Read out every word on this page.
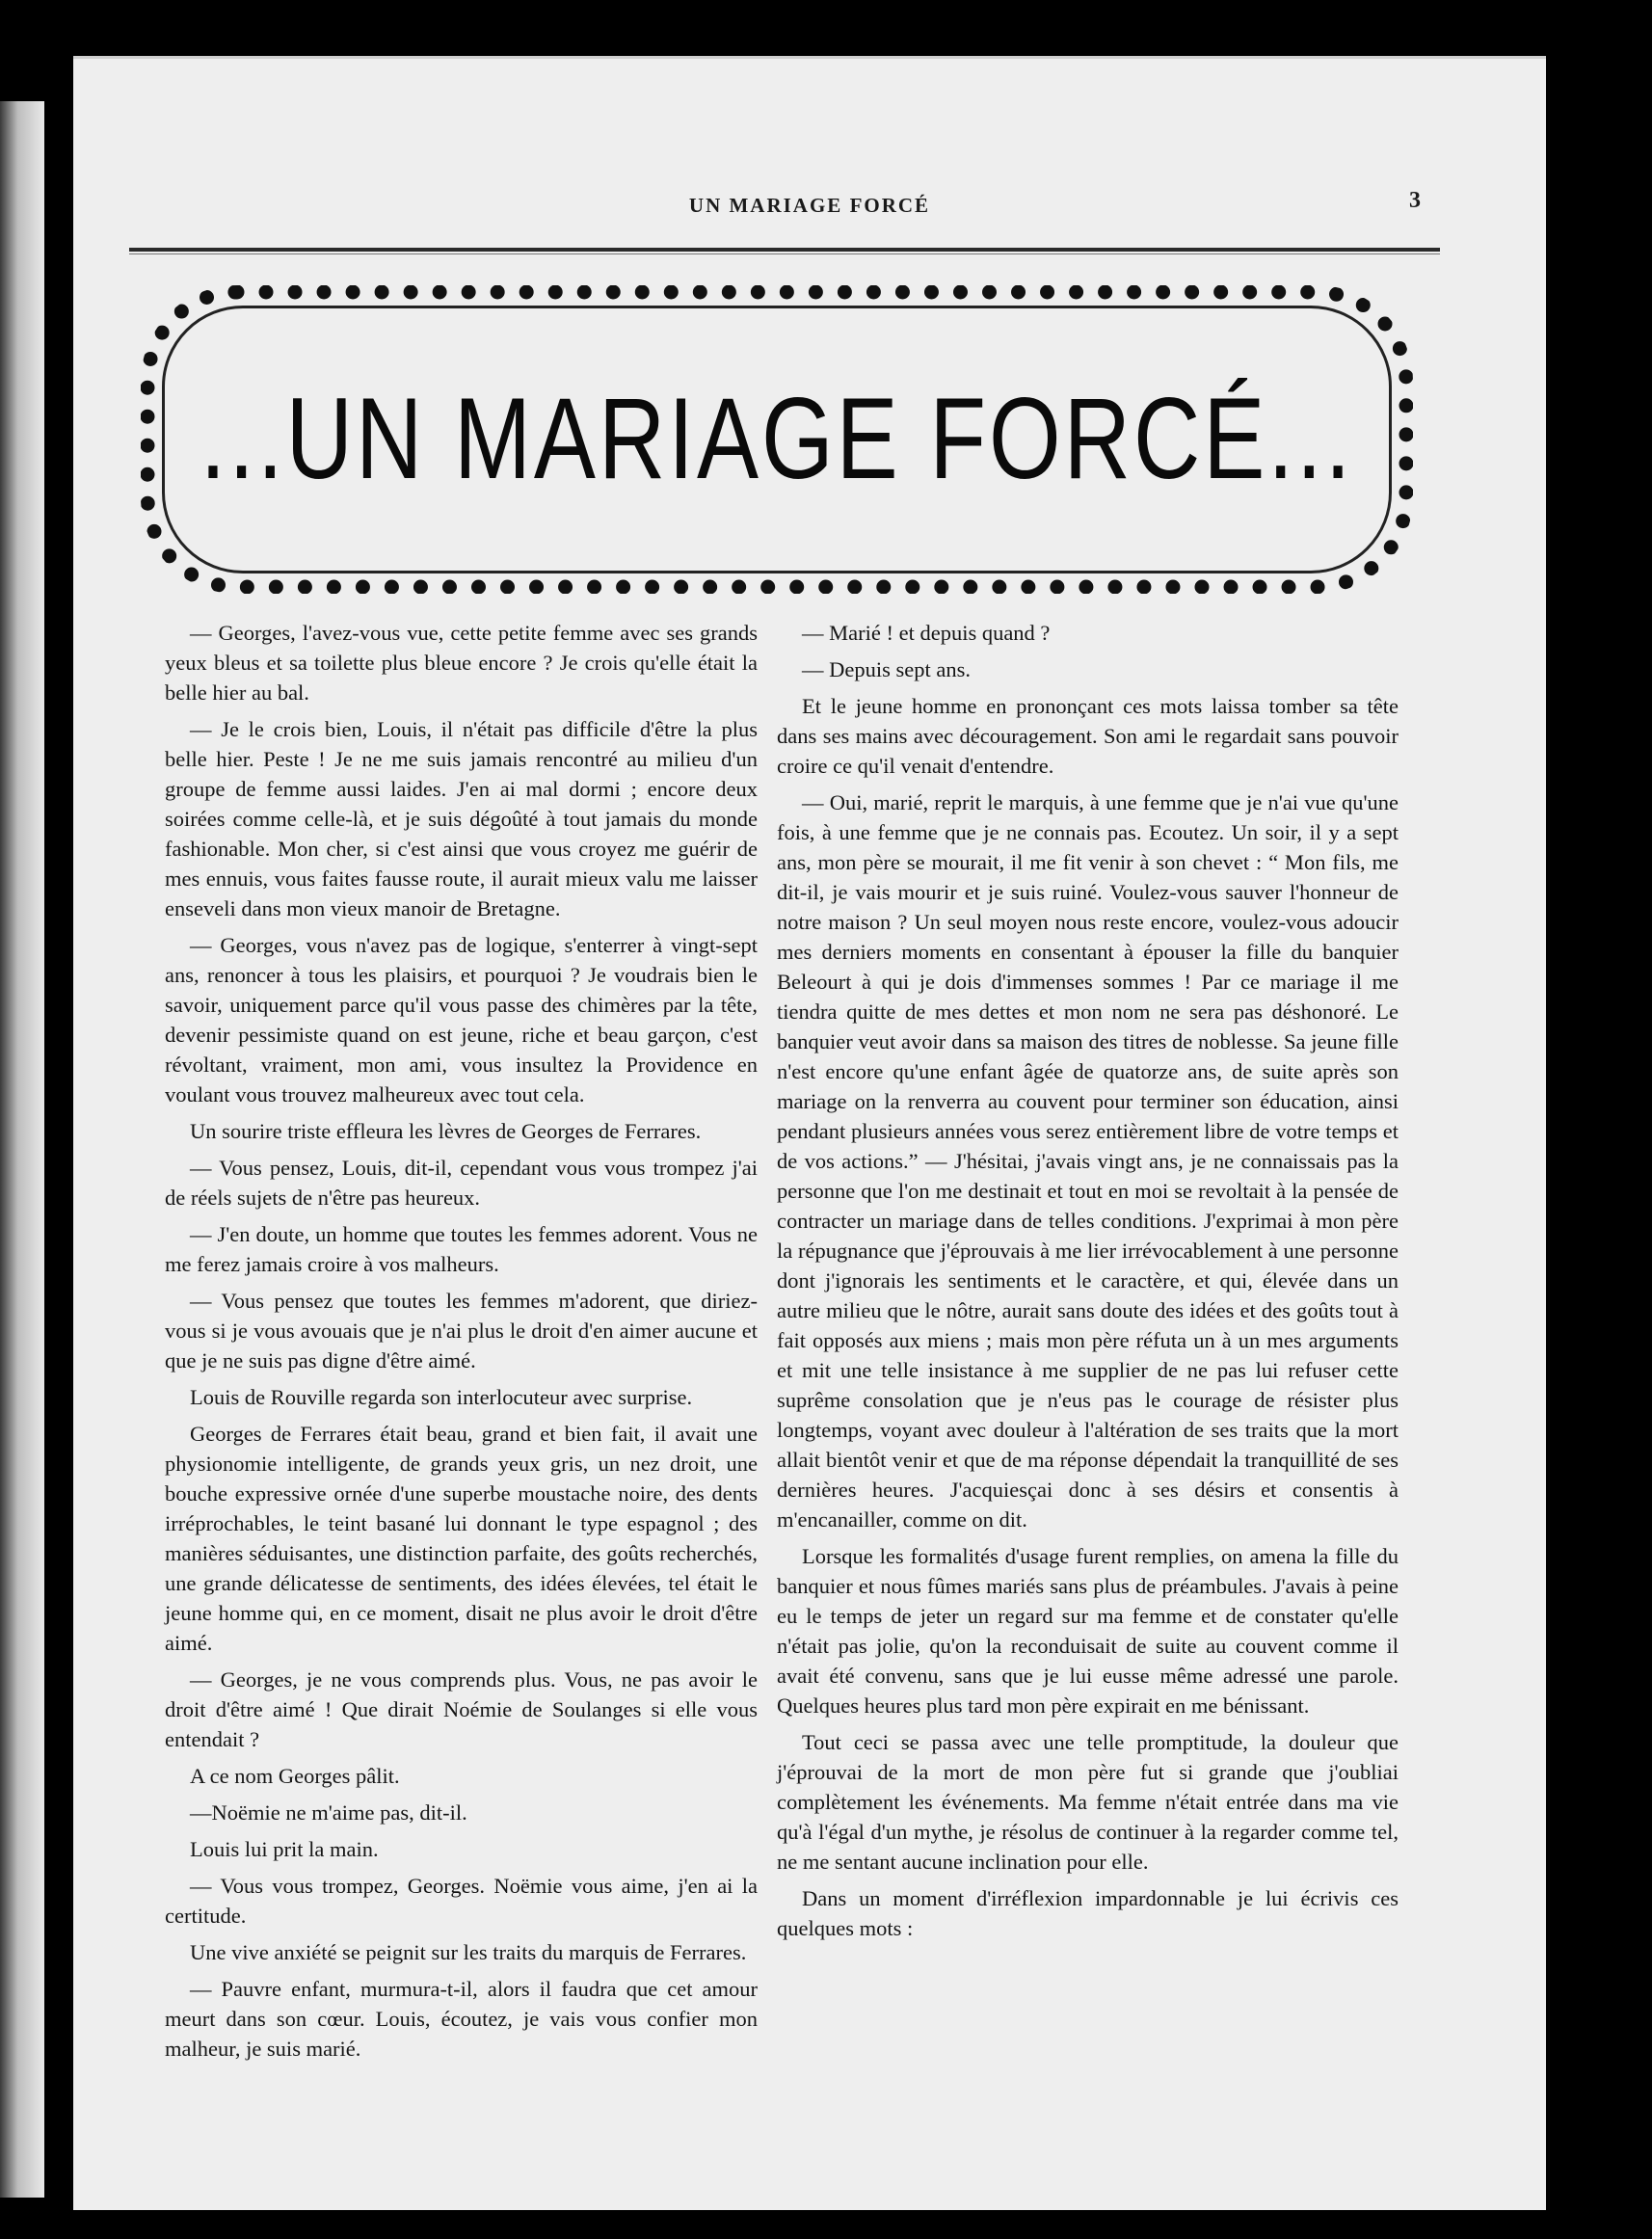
UN MARIAGE FORCÉ	3
...UN MARIAGE FORCÉ...

— Georges, l'avez-vous vue, cette petite femme avec ses grands yeux bleus et sa toilette plus bleue encore ? Je crois qu'elle était la belle hier au bal.

— Je le crois bien, Louis, il n'était pas difficile d'être la plus belle hier. Peste ! Je ne me suis jamais rencontré au milieu d'un groupe de femme aussi laides. J'en ai mal dormi ; encore deux soirées comme celle-là, et je suis dégoûté à tout jamais du monde fashionable. Mon cher, si c'est ainsi que vous croyez me guérir de mes ennuis, vous faites fausse route, il aurait mieux valu me laisser enseveli dans mon vieux manoir de Bretagne.

— Georges, vous n'avez pas de logique, s'enterrer à vingt-sept ans, renoncer à tous les plaisirs, et pourquoi ? Je voudrais bien le savoir, uniquement parce qu'il vous passe des chimères par la tête, devenir pessimiste quand on est jeune, riche et beau garçon, c'est révoltant, vraiment, mon ami, vous insultez la Providence en voulant vous trouvez malheureux avec tout cela.

Un sourire triste effleura les lèvres de Georges de Ferrares.

— Vous pensez, Louis, dit-il, cependant vous vous trompez j'ai de réels sujets de n'être pas heureux.

— J'en doute, un homme que toutes les femmes adorent. Vous ne me ferez jamais croire à vos malheurs.

— Vous pensez que toutes les femmes m'adorent, que diriez-vous si je vous avouais que je n'ai plus le droit d'en aimer aucune et que je ne suis pas digne d'être aimé.

Louis de Rouville regarda son interlocuteur avec surprise.

Georges de Ferrares était beau, grand et bien fait, il avait une physionomie intelligente, de grands yeux gris, un nez droit, une bouche expressive ornée d'une superbe moustache noire, des dents irréprochables, le teint basané lui donnant le type espagnol ; des manières séduisantes, une distinction parfaite, des goûts recherchés, une grande délicatesse de sentiments, des idées élevées, tel était le jeune homme qui, en ce moment, disait ne plus avoir le droit d'être aimé.

— Georges, je ne vous comprends plus. Vous, ne pas avoir le droit d'être aimé ! Que dirait Noémie de Soulanges si elle vous entendait ?

A ce nom Georges pâlit.

—Noëmie ne m'aime pas, dit-il.

Louis lui prit la main.

— Vous vous trompez, Georges. Noëmie vous aime, j'en ai la certitude.

Une vive anxiété se peignit sur les traits du marquis de Ferrares.

— Pauvre enfant, murmura-t-il, alors il faudra que cet amour meurt dans son cœur. Louis, écoutez, je vais vous confier mon malheur, je suis marié.

— Marié ! et depuis quand ?

— Depuis sept ans.

Et le jeune homme en prononçant ces mots laissa tomber sa tête dans ses mains avec découragement. Son ami le regardait sans pouvoir croire ce qu'il venait d'entendre.

— Oui, marié, reprit le marquis, à une femme que je n'ai vue qu'une fois, à une femme que je ne connais pas. Ecoutez. Un soir, il y a sept ans, mon père se mourait, il me fit venir à son chevet : “ Mon fils, me dit-il, je vais mourir et je suis ruiné. Voulez-vous sauver l'honneur de notre maison ? Un seul moyen nous reste encore, voulez-vous adoucir mes derniers moments en consentant à épouser la fille du banquier Beleourt à qui je dois d'immenses sommes ! Par ce mariage il me tiendra quitte de mes dettes et mon nom ne sera pas déshonoré. Le banquier veut avoir dans sa maison des titres de noblesse. Sa jeune fille n'est encore qu'une enfant âgée de quatorze ans, de suite après son mariage on la renverra au couvent pour terminer son éducation, ainsi pendant plusieurs années vous serez entièrement libre de votre temps et de vos actions.” — J'hésitai, j'avais vingt ans, je ne connaissais pas la personne que l'on me destinait et tout en moi se revoltait à la pensée de contracter un mariage dans de telles conditions. J'exprimai à mon père la répugnance que j'éprouvais à me lier irrévocablement à une personne dont j'ignorais les sentiments et le caractère, et qui, élevée dans un autre milieu que le nôtre, aurait sans doute des idées et des goûts tout à fait opposés aux miens ; mais mon père réfuta un à un mes arguments et mit une telle insistance à me supplier de ne pas lui refuser cette suprême consolation que je n'eus pas le courage de résister plus longtemps, voyant avec douleur à l'altération de ses traits que la mort allait bientôt venir et que de ma réponse dépendait la tranquillité de ses dernières heures. J'acquiesçai donc à ses désirs et consentis à m'encanailler, comme on dit.

Lorsque les formalités d'usage furent remplies, on amena la fille du banquier et nous fûmes mariés sans plus de préambules. J'avais à peine eu le temps de jeter un regard sur ma femme et de constater qu'elle n'était pas jolie, qu'on la reconduisait de suite au couvent comme il avait été convenu, sans que je lui eusse même adressé une parole. Quelques heures plus tard mon père expirait en me bénissant.

Tout ceci se passa avec une telle promptitude, la douleur que j'éprouvai de la mort de mon père fut si grande que j'oubliai complètement les événements. Ma femme n'était entrée dans ma vie qu'à l'égal d'un mythe, je résolus de continuer à la regarder comme tel, ne me sentant aucune inclination pour elle.

Dans un moment d'irréflexion impardonnable je lui écrivis ces quelques mots :
